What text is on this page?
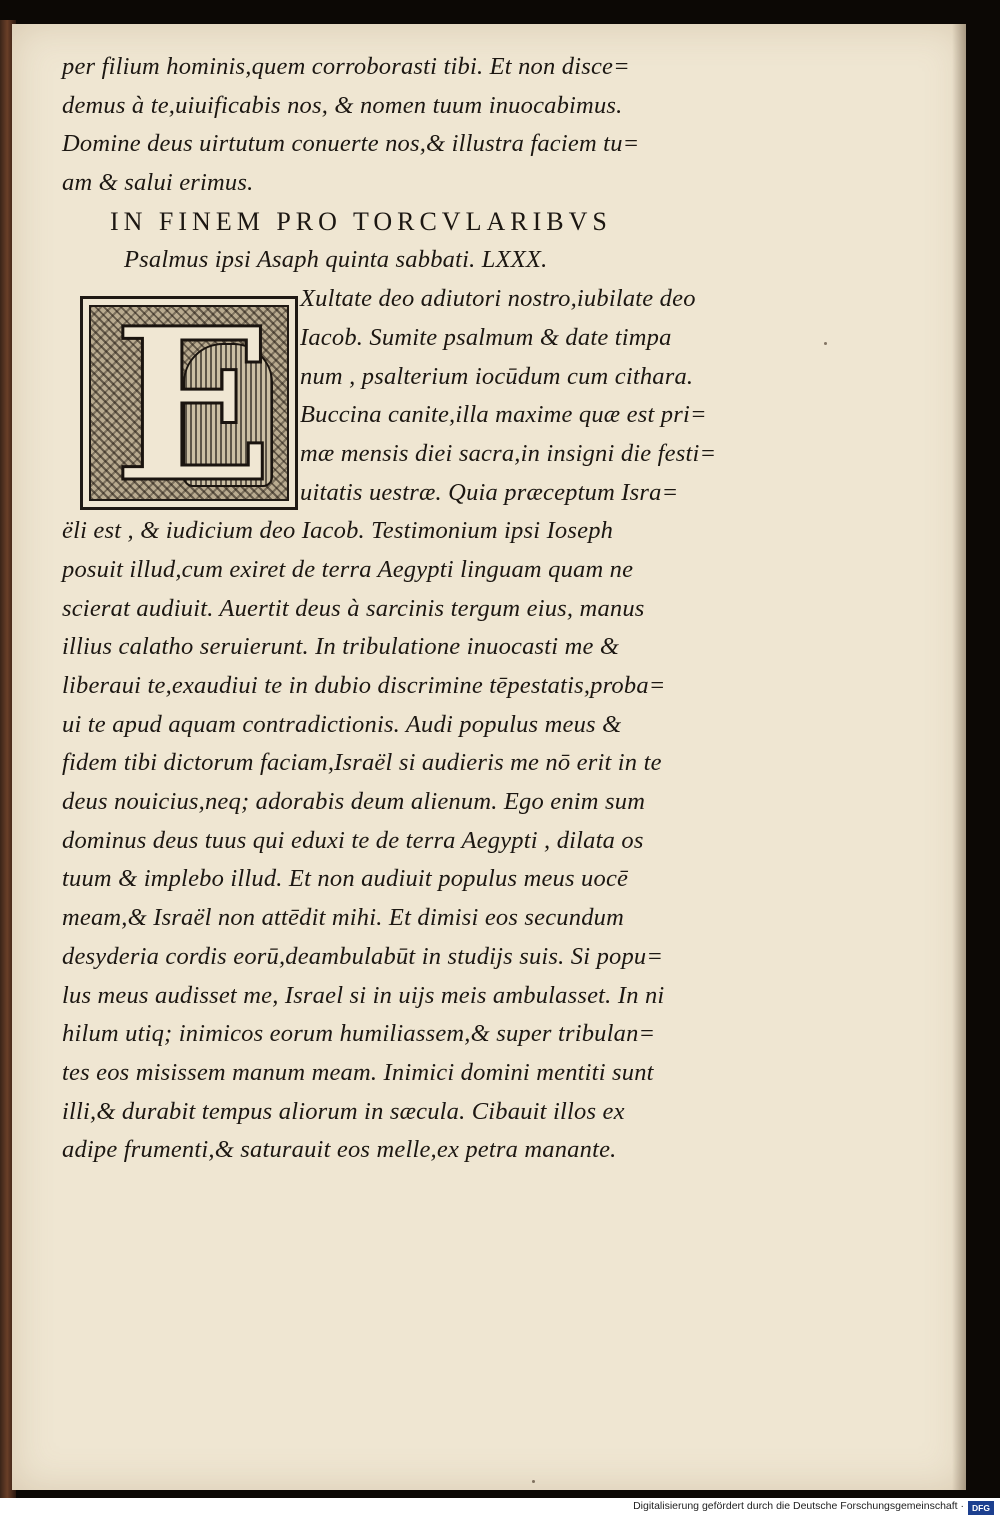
per filium hominis,quem corroborasti tibi. Et non disce=
demus à te,uiuificabis nos, & nomen tuum inuocabimus.
Domine deus uirtutum conuerte nos,& illustra faciem tu=
am & salui erimus.
IN FINEM PRO TORCVLARIBVS
Psalmus ipsi Asaph quinta sabbati. LXXX.
Xultate deo adiutori nostro,iubilate deo
Iacob. Sumite psalmum & date timpa
num , psalterium iocūdum cum cithara.
Buccina canite,illa maxime quæ est pri=
mæ mensis diei sacra,in insigni die festi=
uitatis uestræ. Quia præceptum Isra=
ëli est , & iudicium deo Iacob. Testimonium ipsi Ioseph
posuit illud,cum exiret de terra Aegypti linguam quam ne
scierat audiuit. Auertit deus à sarcinis tergum eius, manus
illius calatho seruierunt. In tribulatione inuocasti me &
liberaui te,exaudiui te in dubio discrimine tēpestatis,proba=
ui te apud aquam contradictionis. Audi populus meus &
fidem tibi dictorum faciam,Israël si audieris me nō erit in te
deus nouicius,neq; adorabis deum alienum. Ego enim sum
dominus deus tuus qui eduxi te de terra Aegypti , dilata os
tuum & implebo illud. Et non audiuit populus meus uocē
meam,& Israël non attēdit mihi. Et dimisi eos secundum
desyderia cordis eorū,deambulabūt in studijs suis. Si popu=
lus meus audisset me, Israel si in uijs meis ambulasset. In ni
hilum utiq; inimicos eorum humiliassem,& super tribulan=
tes eos misissem manum meam. Inimici domini mentiti sunt
illi,& durabit tempus aliorum in sæcula. Cibauit illos ex
adipe frumenti,& saturauit eos melle,ex petra manante.
E
Digitalisierung gefördert durch die Deutsche Forschungsgemeinschaft · DFG
